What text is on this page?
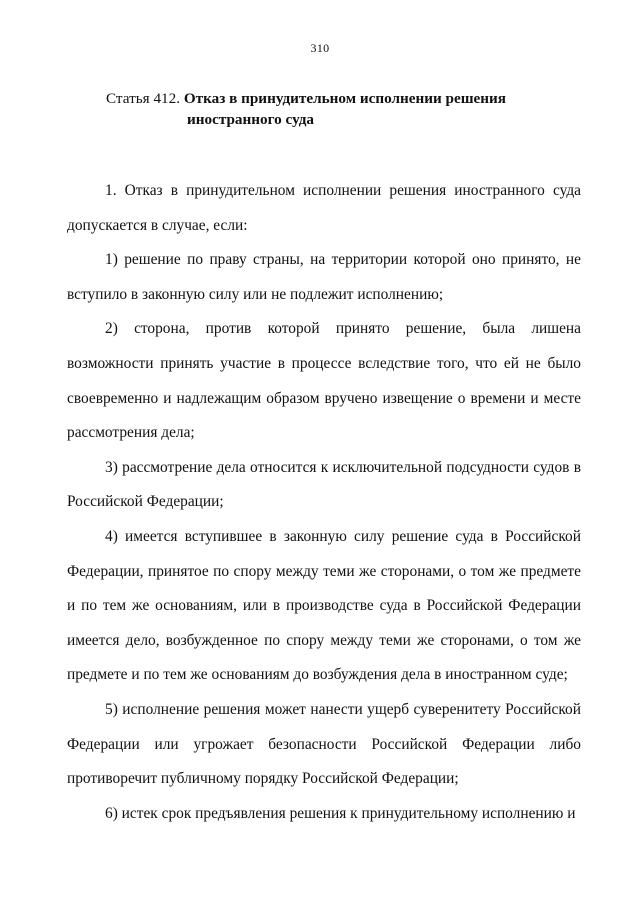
310
Статья 412. Отказ в принудительном исполнении решения
иностранного суда

1. Отказ в принудительном исполнении решения иностранного суда допускается в случае, если:

1) решение по праву страны, на территории которой оно принято, не вступило в законную силу или не подлежит исполнению;

2) сторона, против которой принято решение, была лишена возможности принять участие в процессе вследствие того, что ей не было своевременно и надлежащим образом вручено извещение о времени и месте рассмотрения дела;

3) рассмотрение дела относится к исключительной подсудности судов в Российской Федерации;

4) имеется вступившее в законную силу решение суда в Российской Федерации, принятое по спору между теми же сторонами, о том же предмете и по тем же основаниям, или в производстве суда в Российской Федерации имеется дело, возбужденное по спору между теми же сторонами, о том же предмете и по тем же основаниям до возбуждения дела в иностранном суде;

5) исполнение решения может нанести ущерб суверенитету Российской Федерации или угрожает безопасности Российской Федерации либо противоречит публичному порядку Российской Федерации;

6) истек срок предъявления решения к принудительному исполнению и
